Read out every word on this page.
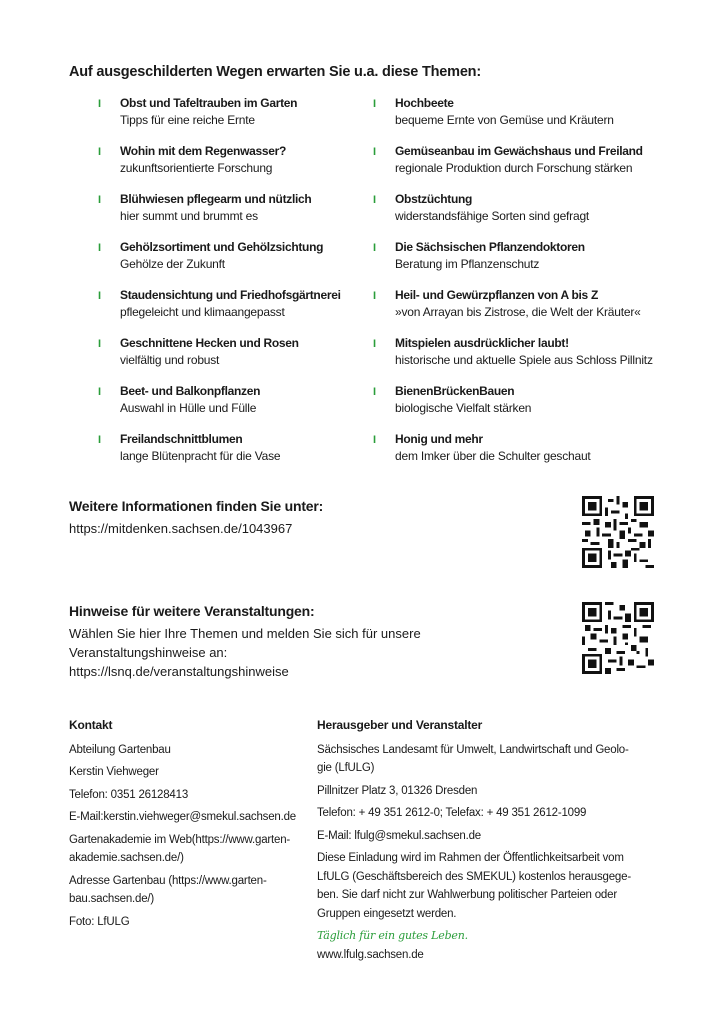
Auf ausgeschilderten Wegen erwarten Sie u.a. diese Themen:
I Obst und Tafeltrauben im Garten
Tipps für eine reiche Ernte
I Wohin mit dem Regenwasser?
zukunftsorientierte Forschung
I Blühwiesen pflegearm und nützlich
hier summt und brummt es
I Gehölzsortiment und Gehölzsichtung
Gehölze der Zukunft
I Staudensichtung und Friedhofsgärtnerei
pflegeleicht und klimaangepasst
I Geschnittene Hecken und Rosen
vielfältig und robust
I Beet- und Balkonpflanzen
Auswahl in Hülle und Fülle
I Freilandschnittblumen
lange Blütenpracht für die Vase
I Hochbeete
bequeme Ernte von Gemüse und Kräutern
I Gemüseanbau im Gewächshaus und Freiland
regionale Produktion durch Forschung stärken
I Obstzüchtung
widerstandsfähige Sorten sind gefragt
I Die Sächsischen Pflanzendoktoren
Beratung im Pflanzenschutz
I Heil- und Gewürzpflanzen von A bis Z
»von Arrayan bis Zistrose, die Welt der Kräuter«
I Mitspielen ausdrücklicher laubt!
historische und aktuelle Spiele aus Schloss Pillnitz
I BienenBrückenBauen
biologische Vielfalt stärken
I Honig und mehr
dem Imker über die Schulter geschaut
Weitere Informationen finden Sie unter:
https://mitdenken.sachsen.de/1043967
Hinweise für weitere Veranstaltungen:
Wählen Sie hier Ihre Themen und melden Sie sich für unsere
Veranstaltungshinweise an:
https://lsnq.de/veranstaltungshinweise
Kontakt
Abteilung Gartenbau
Kerstin Viehweger
Telefon: 0351 26128413
E-Mail:kerstin.viehweger@smekul.sachsen.de
Gartenakademie im Web(https://www.garten-
akademie.sachsen.de/)
Adresse Gartenbau (https://www.garten-
bau.sachsen.de/)
Foto: LfULG
Herausgeber und Veranstalter
Sächsisches Landesamt für Umwelt, Landwirtschaft und Geolo-
gie (LfULG)
Pillnitzer Platz 3, 01326 Dresden
Telefon: + 49 351 2612-0; Telefax: + 49 351 2612-1099
E-Mail: lfulg@smekul.sachsen.de
Diese Einladung wird im Rahmen der Öffentlichkeitsarbeit vom
LfULG (Geschäftsbereich des SMEKUL) kostenlos herausgege-
ben. Sie darf nicht zur Wahlwerbung politischer Parteien oder
Gruppen eingesetzt werden.
Täglich für ein gutes Leben.
www.lfulg.sachsen.de
